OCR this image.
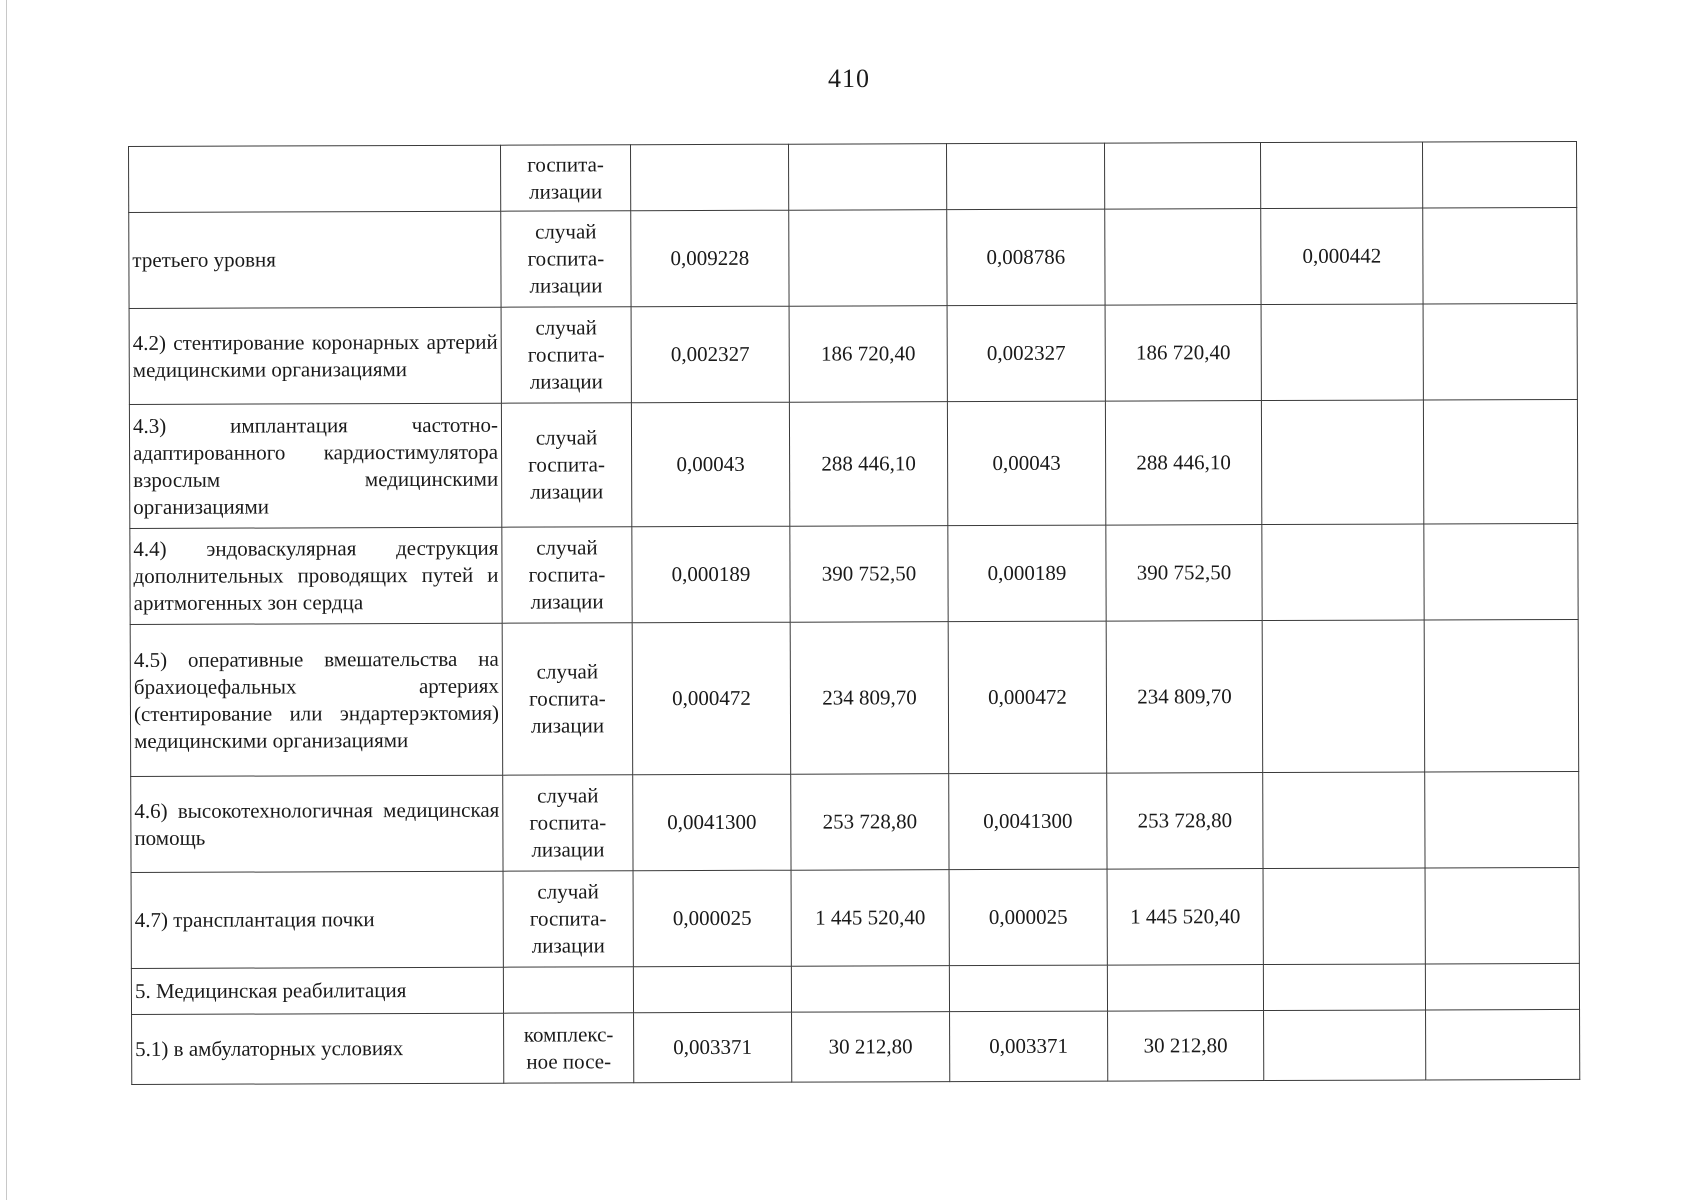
410

	госпита-
лизации						

третьего уровня	случай
госпита-
лизации	0,009228		0,008786		0,000442	
4.2) стентирование коронарных артерий медицинскими организациями	случай
госпита-
лизации	0,002327	186 720,40	0,002327	186 720,40		
4.3) имплантация частотно-адаптированного кардиостимулятора взрослым медицинскими организациями	случай
госпита-
лизации	0,00043	288 446,10	0,00043	288 446,10		
4.4) эндоваскулярная деструкция дополнительных проводящих путей и аритмогенных зон сердца	случай
госпита-
лизации	0,000189	390 752,50	0,000189	390 752,50		
4.5) оперативные вмешательства на брахиоцефальных артериях (стентирование или эндартерэктомия) медицинскими организациями	случай
госпита-
лизации	0,000472	234 809,70	0,000472	234 809,70		
4.6) высокотехнологичная медицинская помощь	случай
госпита-
лизации	0,0041300	253 728,80	0,0041300	253 728,80		
4.7) трансплантация почки	случай
госпита-
лизации	0,000025	1 445 520,40	0,000025	1 445 520,40		
5. Медицинская реабилитация							
5.1) в амбулаторных условиях	комплекс-
ное посе-	0,003371	30 212,80	0,003371	30 212,80		
